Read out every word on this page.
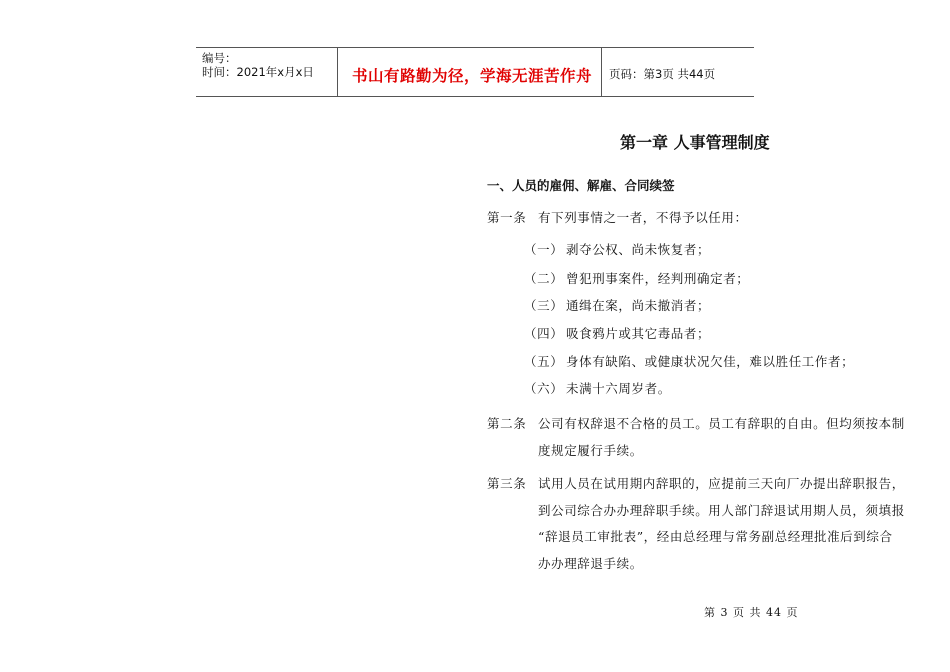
编号：
时间：2021年x月x日 书山有路勤为径，学海无涯苦作舟 页码：第3页 共44页
第一章 人事管理制度
一、人员的雇佣、解雇、合同续签
第一条 有下列事情之一者，不得予以任用：
（一） 剥夺公权、尚未恢复者；
（二） 曾犯刑事案件，经判刑确定者；
（三） 通缉在案，尚未撤消者；
（四） 吸食鸦片或其它毒品者；
（五） 身体有缺陷、或健康状况欠佳，难以胜任工作者；
（六） 未满十六周岁者。
第二条 公司有权辞退不合格的员工。员工有辞职的自由。但均须按本制
度规定履行手续。
第三条 试用人员在试用期内辞职的，应提前三天向厂办提出辞职报告，
到公司综合办办理辞职手续。用人部门辞退试用期人员，须填报
“辞退员工审批表”，经由总经理与常务副总经理批准后到综合
办办理辞退手续。
第 3 页 共 44 页
